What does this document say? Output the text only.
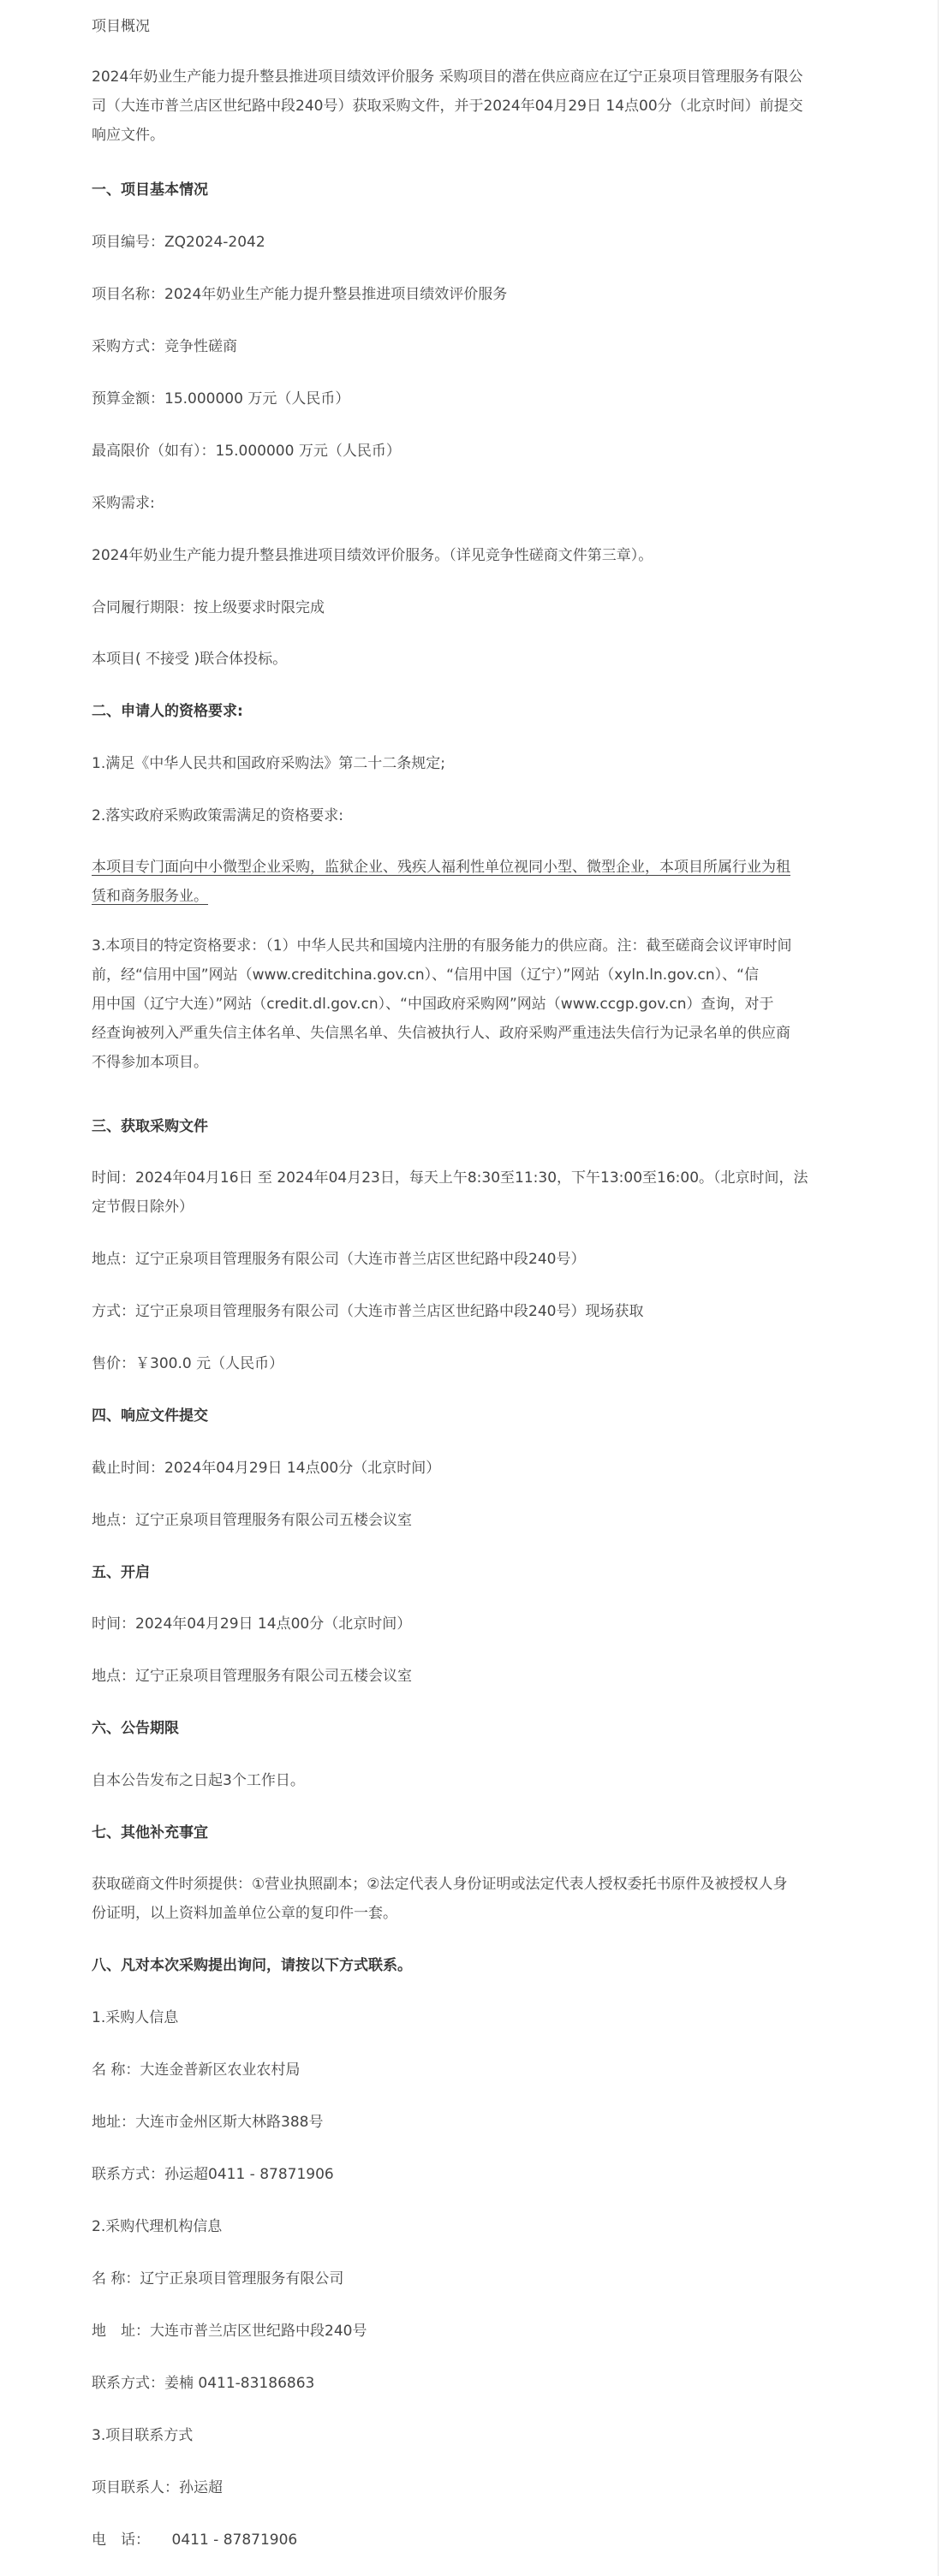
项目概况
2024年奶业生产能力提升整县推进项目绩效评价服务 采购项目的潜在供应商应在辽宁正泉项目管理服务有限公
司（大连市普兰店区世纪路中段240号）获取采购文件，并于2024年04月29日 14点00分（北京时间）前提交
响应文件。
一、项目基本情况
项目编号：ZQ2024-2042
项目名称：2024年奶业生产能力提升整县推进项目绩效评价服务
采购方式：竞争性磋商
预算金额：15.000000 万元（人民币）
最高限价（如有）：15.000000 万元（人民币）
采购需求:
2024年奶业生产能力提升整县推进项目绩效评价服务。（详见竞争性磋商文件第三章）。
合同履行期限：按上级要求时限完成
本项目( 不接受 )联合体投标。
二、申请人的资格要求:
1.满足《中华人民共和国政府采购法》第二十二条规定;
2.落实政府采购政策需满足的资格要求:
本项目专门面向中小微型企业采购，监狱企业、残疾人福利性单位视同小型、微型企业，本项目所属行业为租
赁和商务服务业。
3.本项目的特定资格要求：（1）中华人民共和国境内注册的有服务能力的供应商。注：截至磋商会议评审时间
前，经“信用中国”网站（www.creditchina.gov.cn）、“信用中国（辽宁）”网站（xyln.ln.gov.cn）、“信
用中国（辽宁大连）”网站（credit.dl.gov.cn）、“中国政府采购网”网站（www.ccgp.gov.cn）查询，对于
经查询被列入严重失信主体名单、失信黑名单、失信被执行人、政府采购严重违法失信行为记录名单的供应商
不得参加本项目。
三、获取采购文件
时间：2024年04月16日 至 2024年04月23日，每天上午8:30至11:30，下午13:00至16:00。（北京时间，法
定节假日除外）
地点：辽宁正泉项目管理服务有限公司（大连市普兰店区世纪路中段240号）
方式：辽宁正泉项目管理服务有限公司（大连市普兰店区世纪路中段240号）现场获取
售价：￥300.0 元（人民币）
四、响应文件提交
截止时间：2024年04月29日 14点00分（北京时间）
地点：辽宁正泉项目管理服务有限公司五楼会议室
五、开启
时间：2024年04月29日 14点00分（北京时间）
地点：辽宁正泉项目管理服务有限公司五楼会议室
六、公告期限
自本公告发布之日起3个工作日。
七、其他补充事宜
获取磋商文件时须提供：①营业执照副本；②法定代表人身份证明或法定代表人授权委托书原件及被授权人身
份证明，以上资料加盖单位公章的复印件一套。
八、凡对本次采购提出询问，请按以下方式联系。
1.采购人信息
名 称：大连金普新区农业农村局
地址：大连市金州区斯大林路388号
联系方式：孙运超0411 - 87871906
2.采购代理机构信息
名 称：辽宁正泉项目管理服务有限公司
地　址：大连市普兰店区世纪路中段240号
联系方式：姜楠 0411-83186863
3.项目联系方式
项目联系人：孙运超
电　话：　　0411 - 87871906
